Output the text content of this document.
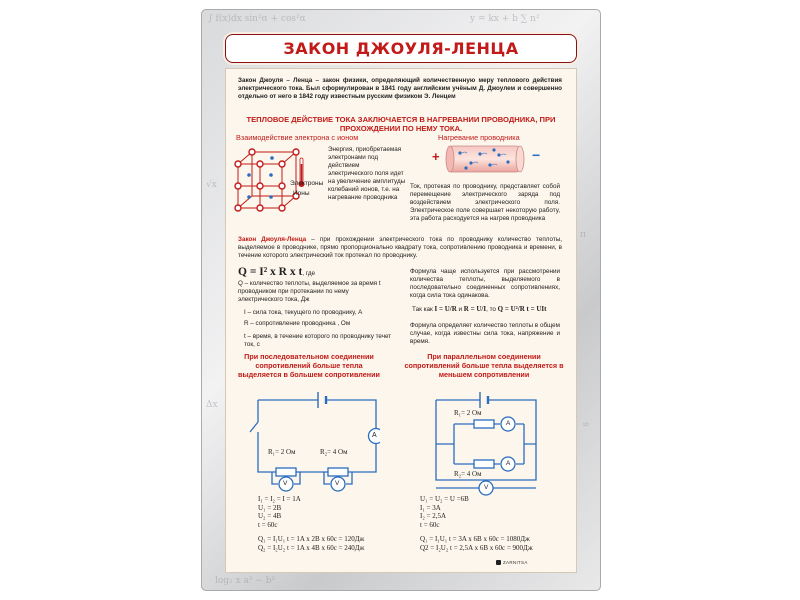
∫ f(x)dx sin²α + cos²α	y = kx + b ∑ n²
√x
π
Δx
∞
log₂ x a² − b²
ЗАКОН ДЖОУЛЯ-ЛЕНЦА
Закон Джоуля – Ленца – закон физики, определяющий количественную меру теплового действия электрического тока. Был сформулирован в 1841 году английским учёным Д. Джоулем и совершенно отдельно от него в 1842 году известным русским физиком Э. Ленцем
ТЕПЛОВОЕ ДЕЙСТВИЕ ТОКА ЗАКЛЮЧАЕТСЯ В НАГРЕВАНИИ ПРОВОДНИКА, ПРИ ПРОХОЖДЕНИИ ПО НЕМУ ТОКА.
Взаимодействие электрона с ионом	Нагревание проводника
Электроны
Ионы
Энергия, приобретаемая электронами под действием электрического поля идет на увеличение амплитуды колебаний ионов, т.е. на нагревание проводника
+	−
Ток, протекая по проводнику, представляет собой перемещение электрического заряда под воздействием электрического поля. Электрическое поле совершает некоторую работу, эта работа расходуется на нагрев проводника
Закон Джоуля-Ленца – при прохождении электрического тока по проводнику количество теплоты, выделяемое в проводнике, прямо пропорционально квадрату тока, сопротивлению проводника и времени, в течение которого электрический ток протекал по проводнику.
Q = I² x R x t, где
Q – количество теплоты, выделяемое за время t проводником при протекании по нему электрического тока, Дж
I – сила тока, текущего по проводнику, А
R – сопротивление проводника , Ом
t – время, в течение которого по проводнику течет ток, с
Формула чаще используется при рассмотрении количества теплоты, выделяемого в последовательно соединенных сопротивлениях, когда сила тока одинакова.
Так как I = U/R и R = U/I, то Q = U²/R t = UIt
Формула определяет количество теплоты в общем случае, когда известны сила тока, напряжение и время.
При последовательном соединении сопротивлений больше тепла выделяется в большем сопротивлении
При параллельном соединении сопротивлений больше тепла выделяется в меньшем сопротивлении
A
R₁= 2 Ом	R₂= 4 Ом
V	V
R₁= 2 Ом
R₂= 4 Ом
A
A
V
I₁ = I₂ = I = 1A
U₁ = 2B
U₂ = 4B
t = 60c
Q₁ = I₁U₁ t = 1A x 2B x 60c = 120Дж
Q₂ = I₂U₂ t = 1A x 4B x 60c = 240Дж
U₁ = U₂ = U =6B
I₁ = 3A
I₂ = 2,5A
t = 60c
Q₁ = I₁U₁ t = 3A x 6B x 60c = 1080Дж
Q2 = I₂U₂ t = 2,5A x 6B x 60c = 900Дж
ZARNITSA
